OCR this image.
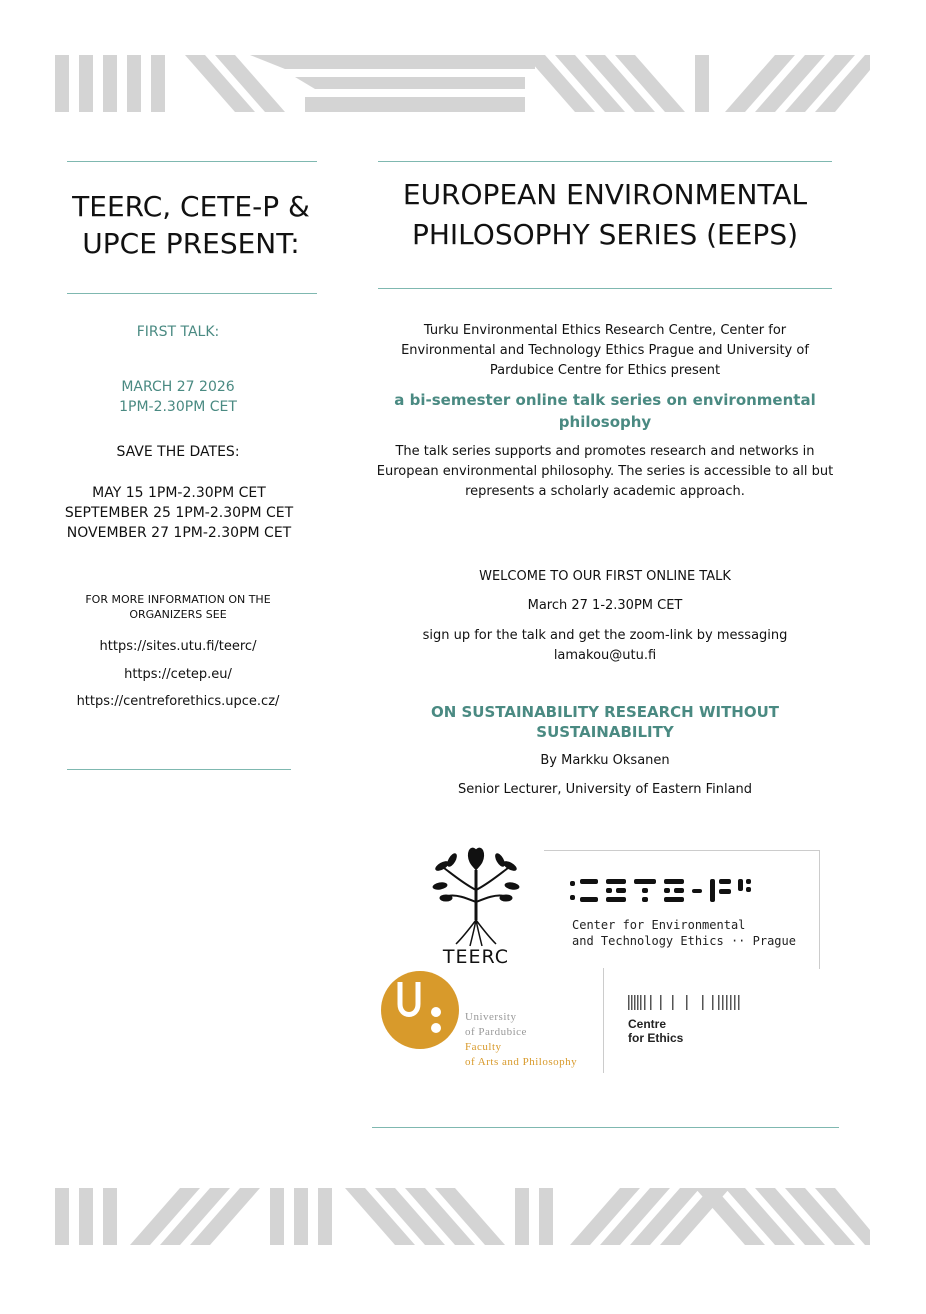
TEERC, CETE-P &
UPCE PRESENT:
FIRST TALK:
MARCH 27 2026
1PM-2.30PM CET
SAVE THE DATES:
MAY 15 1PM-2.30PM CET
SEPTEMBER 25 1PM-2.30PM CET
NOVEMBER 27 1PM-2.30PM CET
FOR MORE INFORMATION ON THE
ORGANIZERS SEE
https://sites.utu.fi/teerc/
https://cetep.eu/
https://centreforethics.upce.cz/
EUROPEAN ENVIRONMENTAL
PHILOSOPHY SERIES (EEPS)
Turku Environmental Ethics Research Centre, Center for
Environmental and Technology Ethics Prague and University of
Pardubice Centre for Ethics present
a bi-semester online talk series on environmental
philosophy
The talk series supports and promotes research and networks in
European environmental philosophy. The series is accessible to all but
represents a scholarly academic approach.
WELCOME TO OUR FIRST ONLINE TALK
March 27 1-2.30PM CET
sign up for the talk and get the zoom-link by messaging
lamakou@utu.fi
ON SUSTAINABILITY RESEARCH WITHOUT
SUSTAINABILITY
By Markku Oksanen
Senior Lecturer, University of Eastern Finland
TEERC
Center for Environmental
and Technology Ethics ·· Prague
University
of Pardubice
Faculty
of Arts and Philosophy
Centre
for Ethics
